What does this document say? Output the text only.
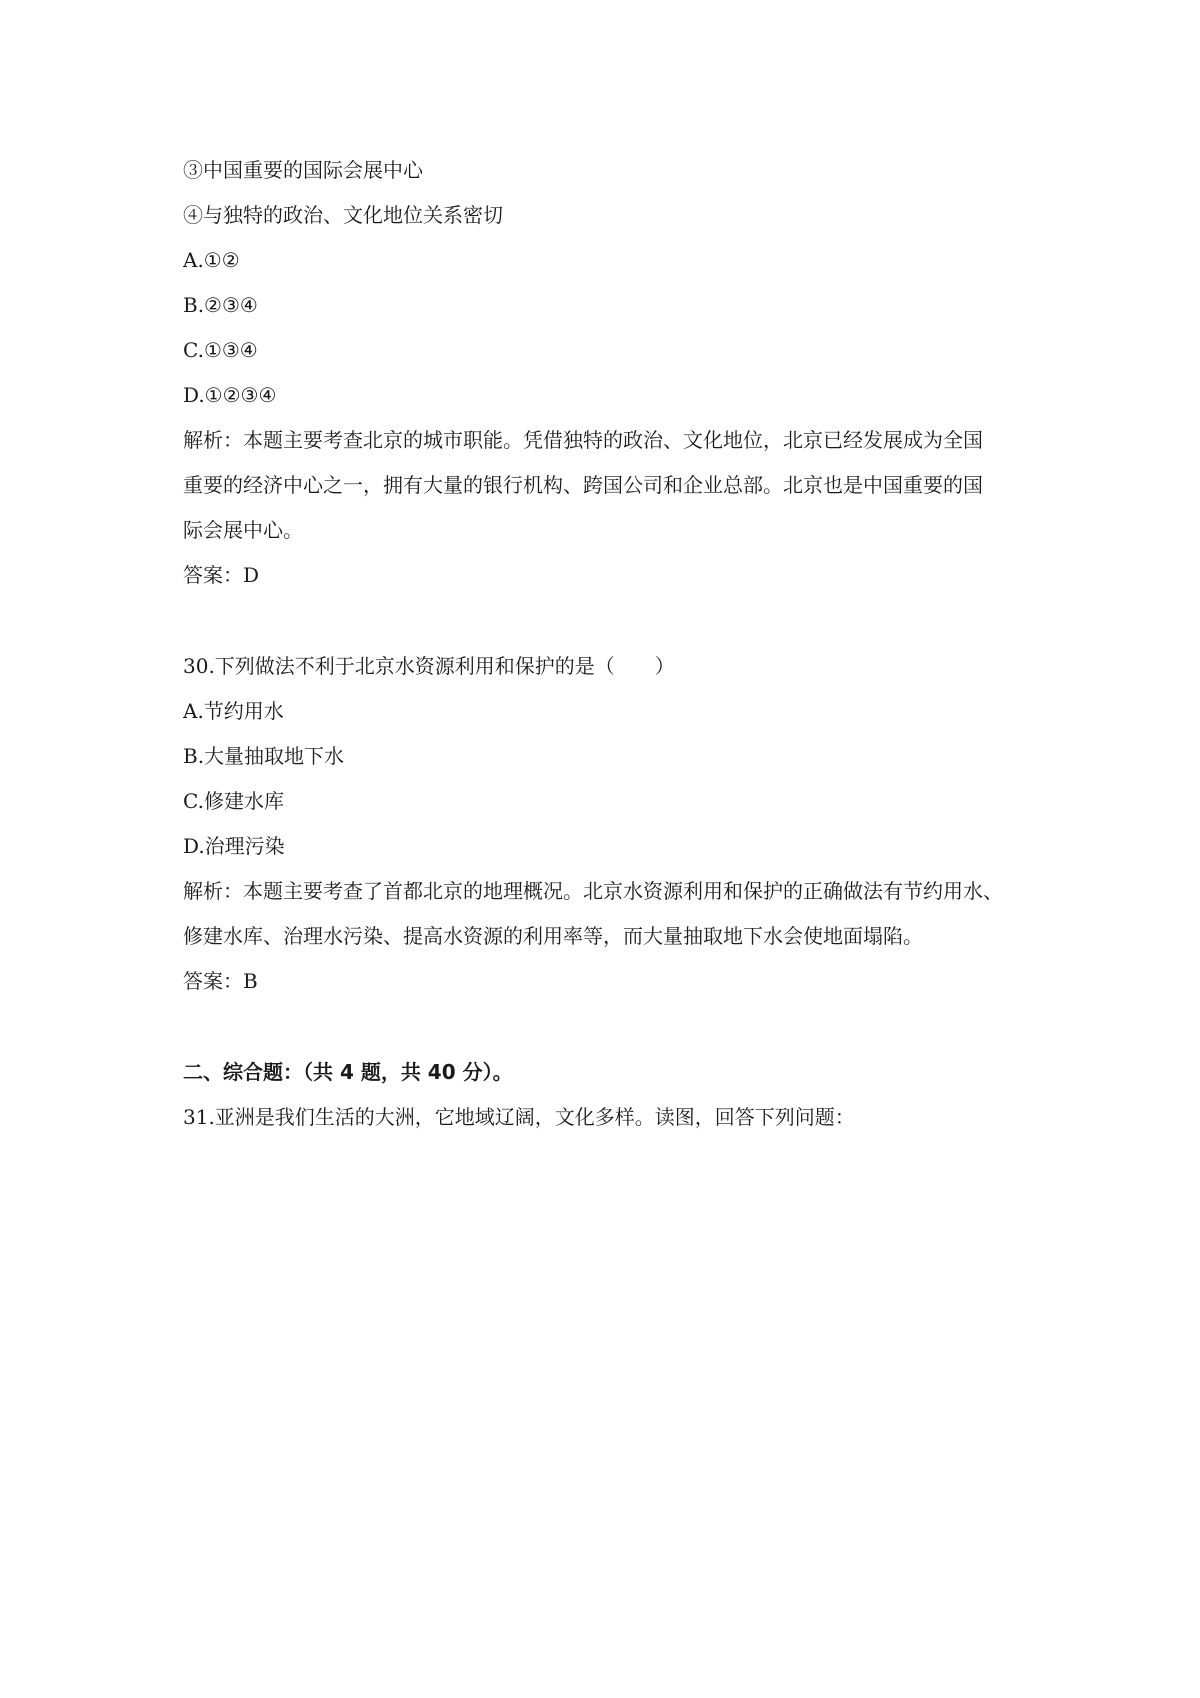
③中国重要的国际会展中心
④与独特的政治、文化地位关系密切
A.①②
B.②③④
C.①③④
D.①②③④
解析：本题主要考查北京的城市职能。凭借独特的政治、文化地位，北京已经发展成为全国
重要的经济中心之一，拥有大量的银行机构、跨国公司和企业总部。北京也是中国重要的国
际会展中心。
答案：D
30.下列做法不利于北京水资源利用和保护的是（　　）
A.节约用水
B.大量抽取地下水
C.修建水库
D.治理污染
解析：本题主要考查了首都北京的地理概况。北京水资源利用和保护的正确做法有节约用水、
修建水库、治理水污染、提高水资源的利用率等，而大量抽取地下水会使地面塌陷。
答案：B
二、综合题：（共 4 题，共 40 分）。
31.亚洲是我们生活的大洲，它地域辽阔，文化多样。读图，回答下列问题：
